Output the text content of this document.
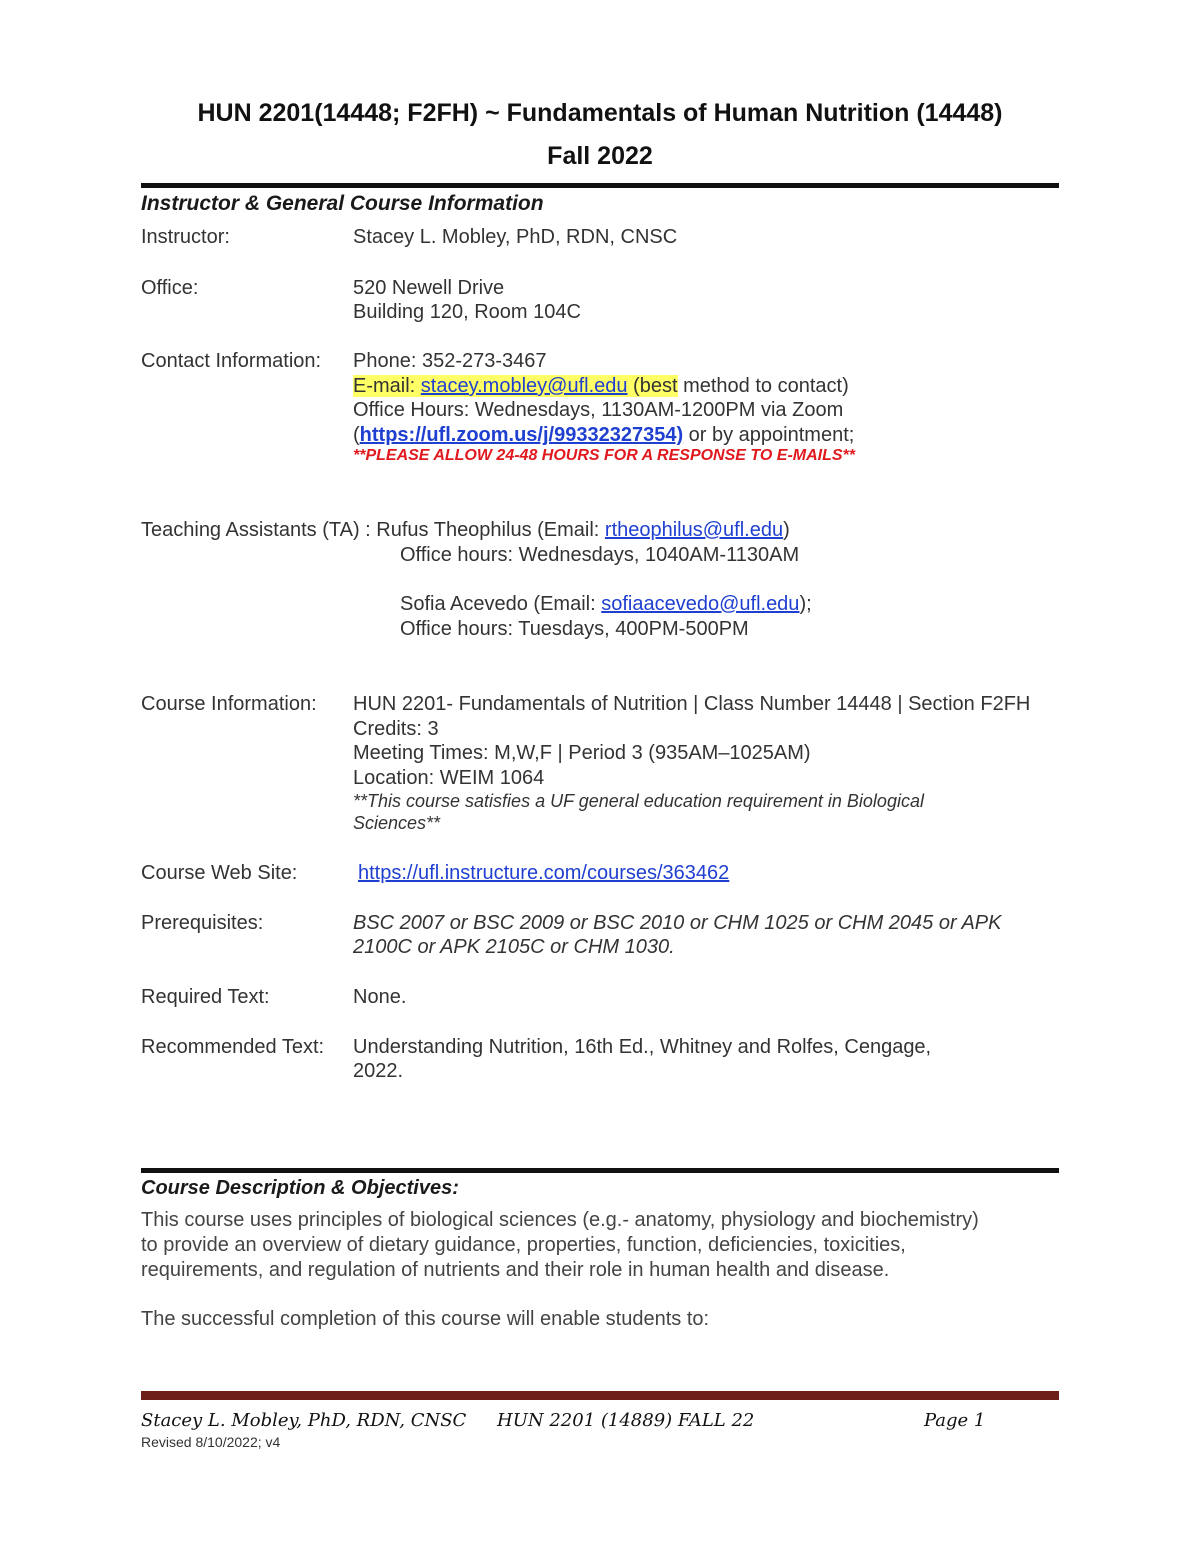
HUN 2201(14448; F2FH) ~ Fundamentals of Human Nutrition (14448)
Fall 2022
Instructor & General Course Information
Instructor:	Stacey L. Mobley, PhD, RDN, CNSC
Office:	520 Newell Drive
Building 120, Room 104C
Contact Information: Phone: 352-273-3467
E-mail: stacey.mobley@ufl.edu (best method to contact)
Office Hours: Wednesdays, 1130AM-1200PM via Zoom
(https://ufl.zoom.us/j/99332327354) or by appointment;
**PLEASE ALLOW 24-48 HOURS FOR A RESPONSE TO E-MAILS**
Teaching Assistants (TA) : Rufus Theophilus (Email: rtheophilus@ufl.edu)
Office hours: Wednesdays, 1040AM-1130AM
Sofia Acevedo (Email: sofiaacevedo@ufl.edu);
Office hours: Tuesdays, 400PM-500PM
Course Information: HUN 2201- Fundamentals of Nutrition | Class Number 14448 | Section F2FH
Credits: 3
Meeting Times: M,W,F | Period 3 (935AM–1025AM)
Location: WEIM 1064
**This course satisfies a UF general education requirement in Biological
Sciences**
Course Web Site:	https://ufl.instructure.com/courses/363462
Prerequisites:	BSC 2007 or BSC 2009 or BSC 2010 or CHM 1025 or CHM 2045 or APK
2100C or APK 2105C or CHM 1030.
Required Text:	None.
Recommended Text: Understanding Nutrition, 16th Ed., Whitney and Rolfes, Cengage,
2022.
Course Description & Objectives:
This course uses principles of biological sciences (e.g.- anatomy, physiology and biochemistry)
to provide an overview of dietary guidance, properties, function, deficiencies, toxicities,
requirements, and regulation of nutrients and their role in human health and disease.
The successful completion of this course will enable students to:
Stacey L. Mobley, PhD, RDN, CNSC HUN 2201 (14889) FALL 22	Page 1
Revised 8/10/2022; v4
